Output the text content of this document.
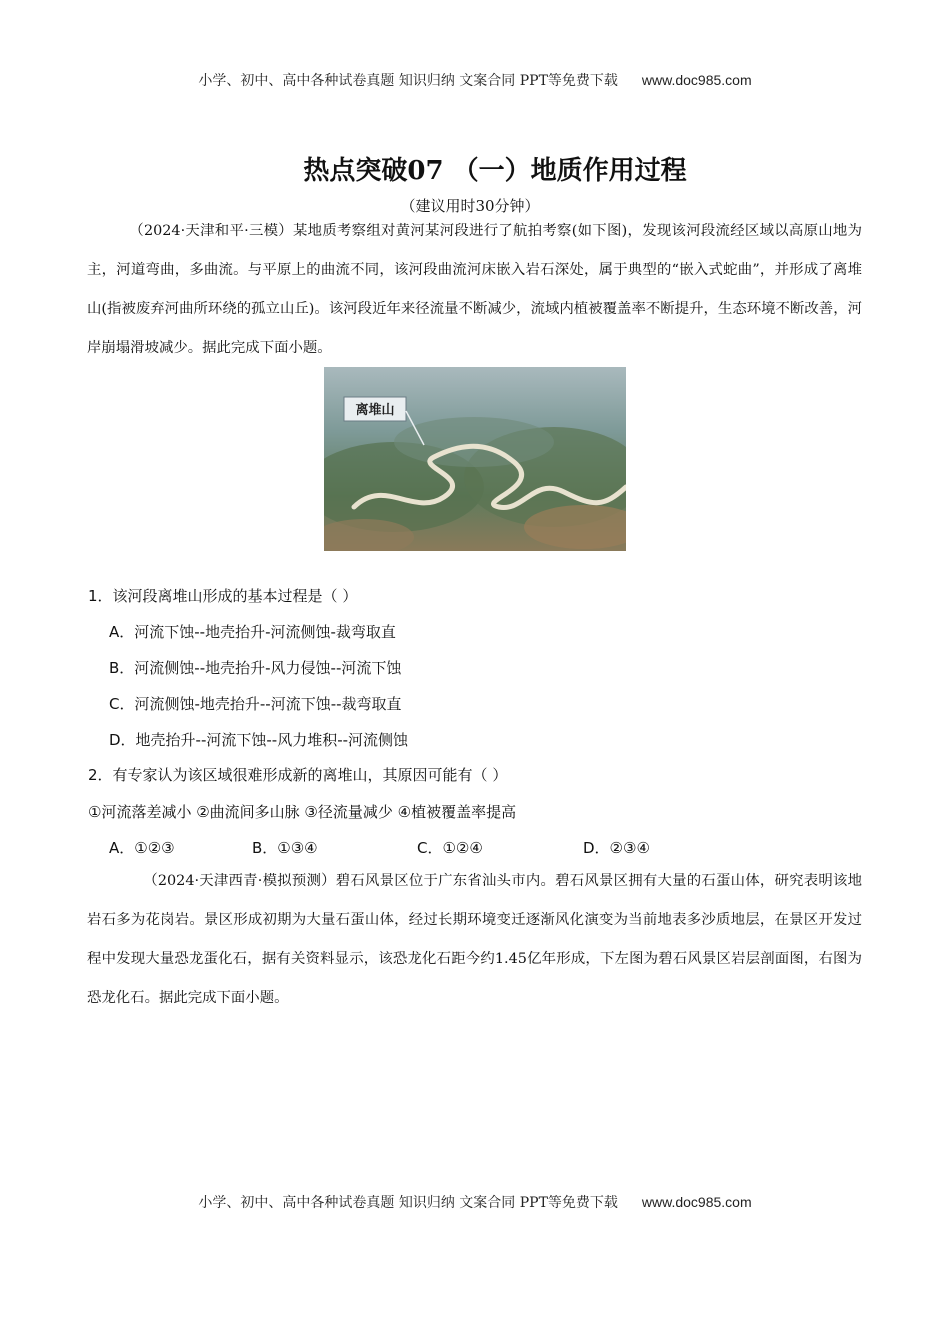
小学、初中、高中各种试卷真题 知识归纳 文案合同 PPT等免费下载 www.doc985.com
热点突破07 （一）地质作用过程
（建议用时30分钟）
（2024·天津和平·三模）某地质考察组对黄河某河段进行了航拍考察(如下图)，发现该河段流经区域以高原山地为主，河道弯曲，多曲流。与平原上的曲流不同，该河段曲流河床嵌入岩石深处，属于典型的“嵌入式蛇曲”，并形成了离堆山(指被废弃河曲所环绕的孤立山丘)。该河段近年来径流量不断减少，流域内植被覆盖率不断提升，生态环境不断改善，河岸崩塌滑坡减少。据此完成下面小题。
离堆山
1．该河段离堆山形成的基本过程是（ ）
A．河流下蚀--地壳抬升-河流侧蚀-裁弯取直
B．河流侧蚀--地壳抬升-风力侵蚀--河流下蚀
C．河流侧蚀-地壳抬升--河流下蚀--裁弯取直
D．地壳抬升--河流下蚀--风力堆积--河流侧蚀
2．有专家认为该区域很难形成新的离堆山，其原因可能有（ ）
①河流落差减小 ②曲流间多山脉 ③径流量减少 ④植被覆盖率提高
A．①②③	B．①③④	C．①②④	D．②③④
（2024·天津西青·模拟预测）碧石风景区位于广东省汕头市内。碧石风景区拥有大量的石蛋山体，研究表明该地岩石多为花岗岩。景区形成初期为大量石蛋山体，经过长期环境变迁逐渐风化演变为当前地表多沙质地层，在景区开发过程中发现大量恐龙蛋化石，据有关资料显示，该恐龙化石距今约1.45亿年形成，下左图为碧石风景区岩层剖面图，右图为恐龙化石。据此完成下面小题。
小学、初中、高中各种试卷真题 知识归纳 文案合同 PPT等免费下载 www.doc985.com
